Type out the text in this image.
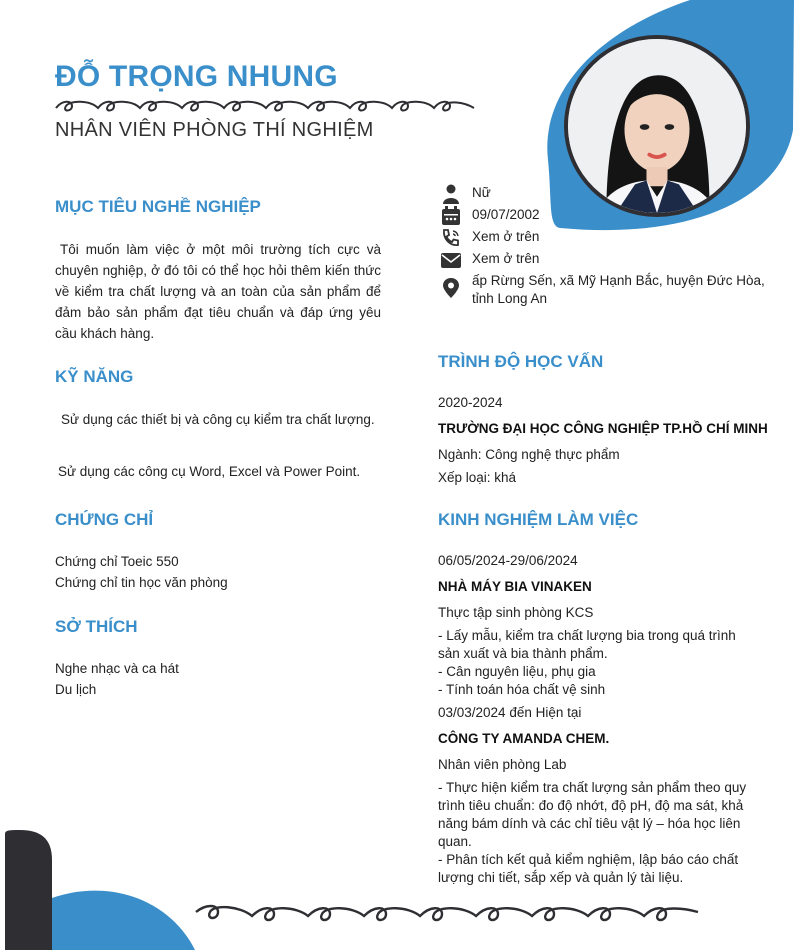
ĐỖ TRỌNG NHUNG
NHÂN VIÊN PHÒNG THÍ NGHIỆM
Nữ
09/07/2002
Xem ở trên
Xem ở trên
ấp Rừng Sến, xã Mỹ Hạnh Bắc, huyện Đức Hòa, tỉnh Long An
MỤC TIÊU NGHỀ NGHIỆP
Tôi muốn làm việc ở một môi trường tích cực và chuyên nghiệp, ở đó tôi có thể học hỏi thêm kiến thức về kiểm tra chất lượng và an toàn của sản phẩm để đảm bảo sản phẩm đạt tiêu chuẩn và đáp ứng yêu cầu khách hàng.
KỸ NĂNG
Sử dụng các thiết bị và công cụ kiểm tra chất lượng.
Sử dụng các công cụ Word, Excel và Power Point.
CHỨNG CHỈ
Chứng chỉ Toeic 550
Chứng chỉ tin học văn phòng
SỞ THÍCH
Nghe nhạc và ca hát
Du lịch
TRÌNH ĐỘ HỌC VẤN
2020-2024
TRƯỜNG ĐẠI HỌC CÔNG NGHIỆP TP.HỒ CHÍ MINH
Ngành: Công nghệ thực phẩm
Xếp loại: khá
KINH NGHIỆM LÀM VIỆC
06/05/2024-29/06/2024
NHÀ MÁY BIA VINAKEN
Thực tập sinh phòng KCS
- Lấy mẫu, kiểm tra chất lượng bia trong quá trình sản xuất và bia thành phẩm.
- Cân nguyên liệu, phụ gia
- Tính toán hóa chất vệ sinh
03/03/2024 đến Hiện tại
CÔNG TY AMANDA CHEM.
Nhân viên phòng Lab
- Thực hiện kiểm tra chất lượng sản phẩm theo quy trình tiêu chuẩn: đo độ nhớt, độ pH, độ ma sát, khả năng bám dính và các chỉ tiêu vật lý – hóa học liên quan.
- Phân tích kết quả kiểm nghiệm, lập báo cáo chất lượng chi tiết, sắp xếp và quản lý tài liệu.
